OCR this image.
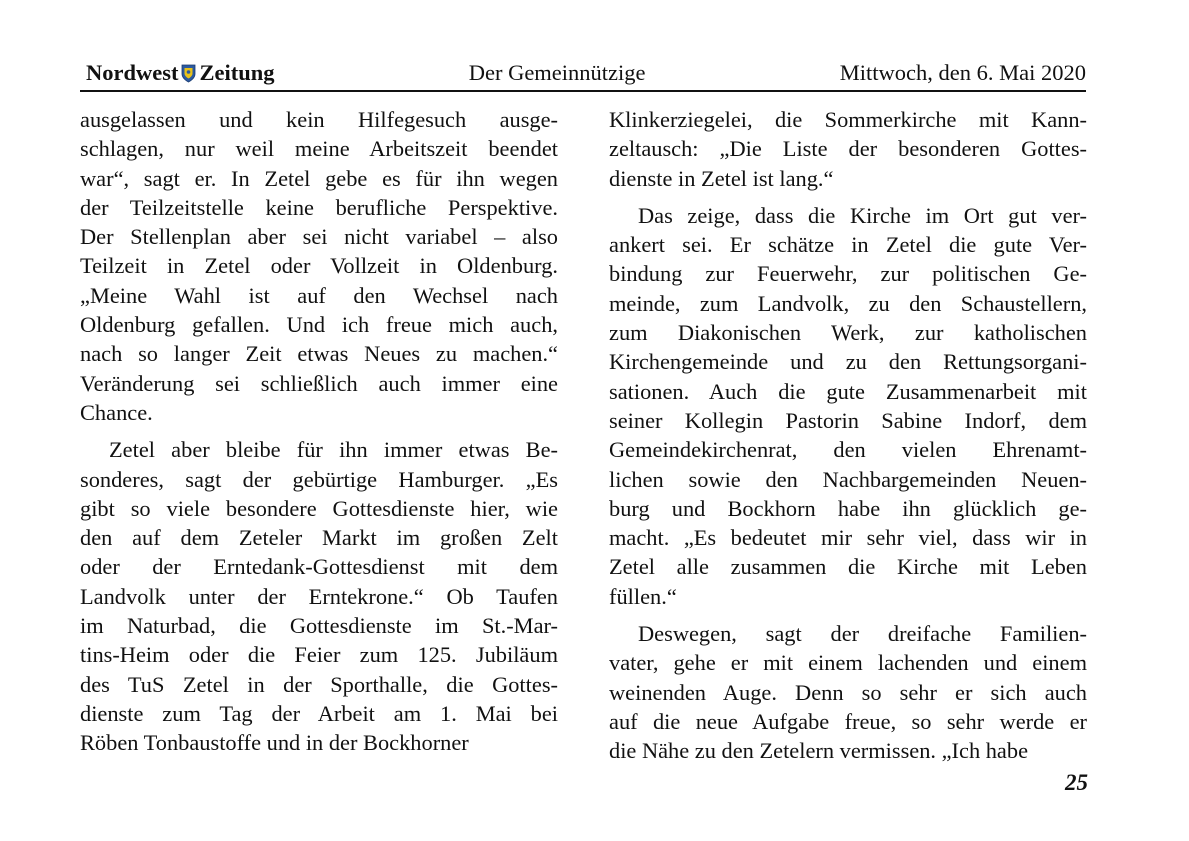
Nordwest Zeitung	Der Gemeinnützige	Mittwoch, den 6. Mai 2020
ausgelassen und kein Hilfegesuch ausge-
schlagen, nur weil meine Arbeitszeit beendet
war“, sagt er. In Zetel gebe es für ihn wegen
der Teilzeitstelle keine berufliche Perspektive.
Der Stellenplan aber sei nicht variabel – also
Teilzeit in Zetel oder Vollzeit in Oldenburg.
„Meine Wahl ist auf den Wechsel nach
Oldenburg gefallen. Und ich freue mich auch,
nach so langer Zeit etwas Neues zu machen.“
Veränderung sei schließlich auch immer eine
Chance.
Zetel aber bleibe für ihn immer etwas Be-
sonderes, sagt der gebürtige Hamburger. „Es
gibt so viele besondere Gottesdienste hier, wie
den auf dem Zeteler Markt im großen Zelt
oder der Erntedank-Gottesdienst mit dem
Landvolk unter der Erntekrone.“ Ob Taufen
im Naturbad, die Gottesdienste im St.-Mar-
tins-Heim oder die Feier zum 125. Jubiläum
des TuS Zetel in der Sporthalle, die Gottes-
dienste zum Tag der Arbeit am 1. Mai bei
Röben Tonbaustoffe und in der Bockhorner
Klinkerziegelei, die Sommerkirche mit Kann-
zeltausch: „Die Liste der besonderen Gottes-
dienste in Zetel ist lang.“
Das zeige, dass die Kirche im Ort gut ver-
ankert sei. Er schätze in Zetel die gute Ver-
bindung zur Feuerwehr, zur politischen Ge-
meinde, zum Landvolk, zu den Schaustellern,
zum Diakonischen Werk, zur katholischen
Kirchengemeinde und zu den Rettungsorgani-
sationen. Auch die gute Zusammenarbeit mit
seiner Kollegin Pastorin Sabine Indorf, dem
Gemeindekirchenrat, den vielen Ehrenamt-
lichen sowie den Nachbargemeinden Neuen-
burg und Bockhorn habe ihn glücklich ge-
macht. „Es bedeutet mir sehr viel, dass wir in
Zetel alle zusammen die Kirche mit Leben
füllen.“
Deswegen, sagt der dreifache Familien-
vater, gehe er mit einem lachenden und einem
weinenden Auge. Denn so sehr er sich auch
auf die neue Aufgabe freue, so sehr werde er
die Nähe zu den Zetelern vermissen. „Ich habe
25
